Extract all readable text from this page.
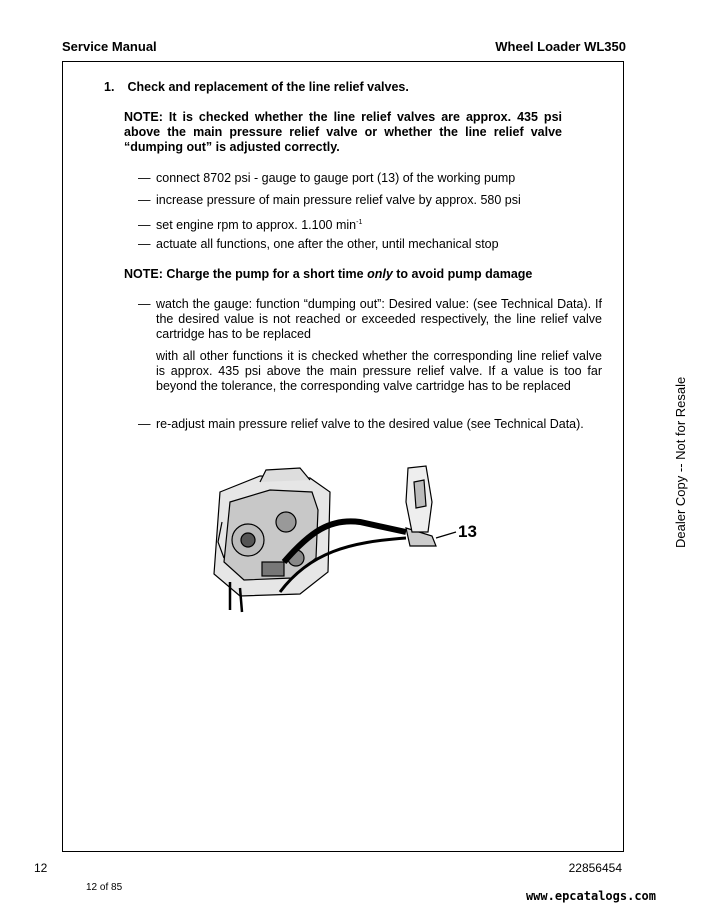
Service Manual	Wheel Loader WL350
1. Check and replacement of the line relief valves.
NOTE: It is checked whether the line relief valves are approx. 435 psi above the main pressure relief valve or whether the line relief valve “dumping out” is adjusted correctly.
— connect 8702 psi - gauge to gauge port (13) of the working pump
— increase pressure of main pressure relief valve by approx. 580 psi
— set engine rpm to approx. 1.100 $\min^{-1}$
— actuate all functions, one after the other, until mechanical stop
NOTE: Charge the pump for a short time only to avoid pump damage
— watch the gauge: function “dumping out”: Desired value: (see Technical Data). If the desired value is not reached or exceeded respectively, the line relief valve cartridge has to be replaced
with all other functions it is checked whether the corresponding line relief valve is approx. 435 psi above the main pressure relief valve. If a value is too far beyond the tolerance, the corresponding valve cartridge has to be replaced
— re-adjust main pressure relief valve to the desired value (see Technical Data).
13	Dealer Copy -- Not for Resale
12	22856454
12 of 85
www.epcatalogs.com
